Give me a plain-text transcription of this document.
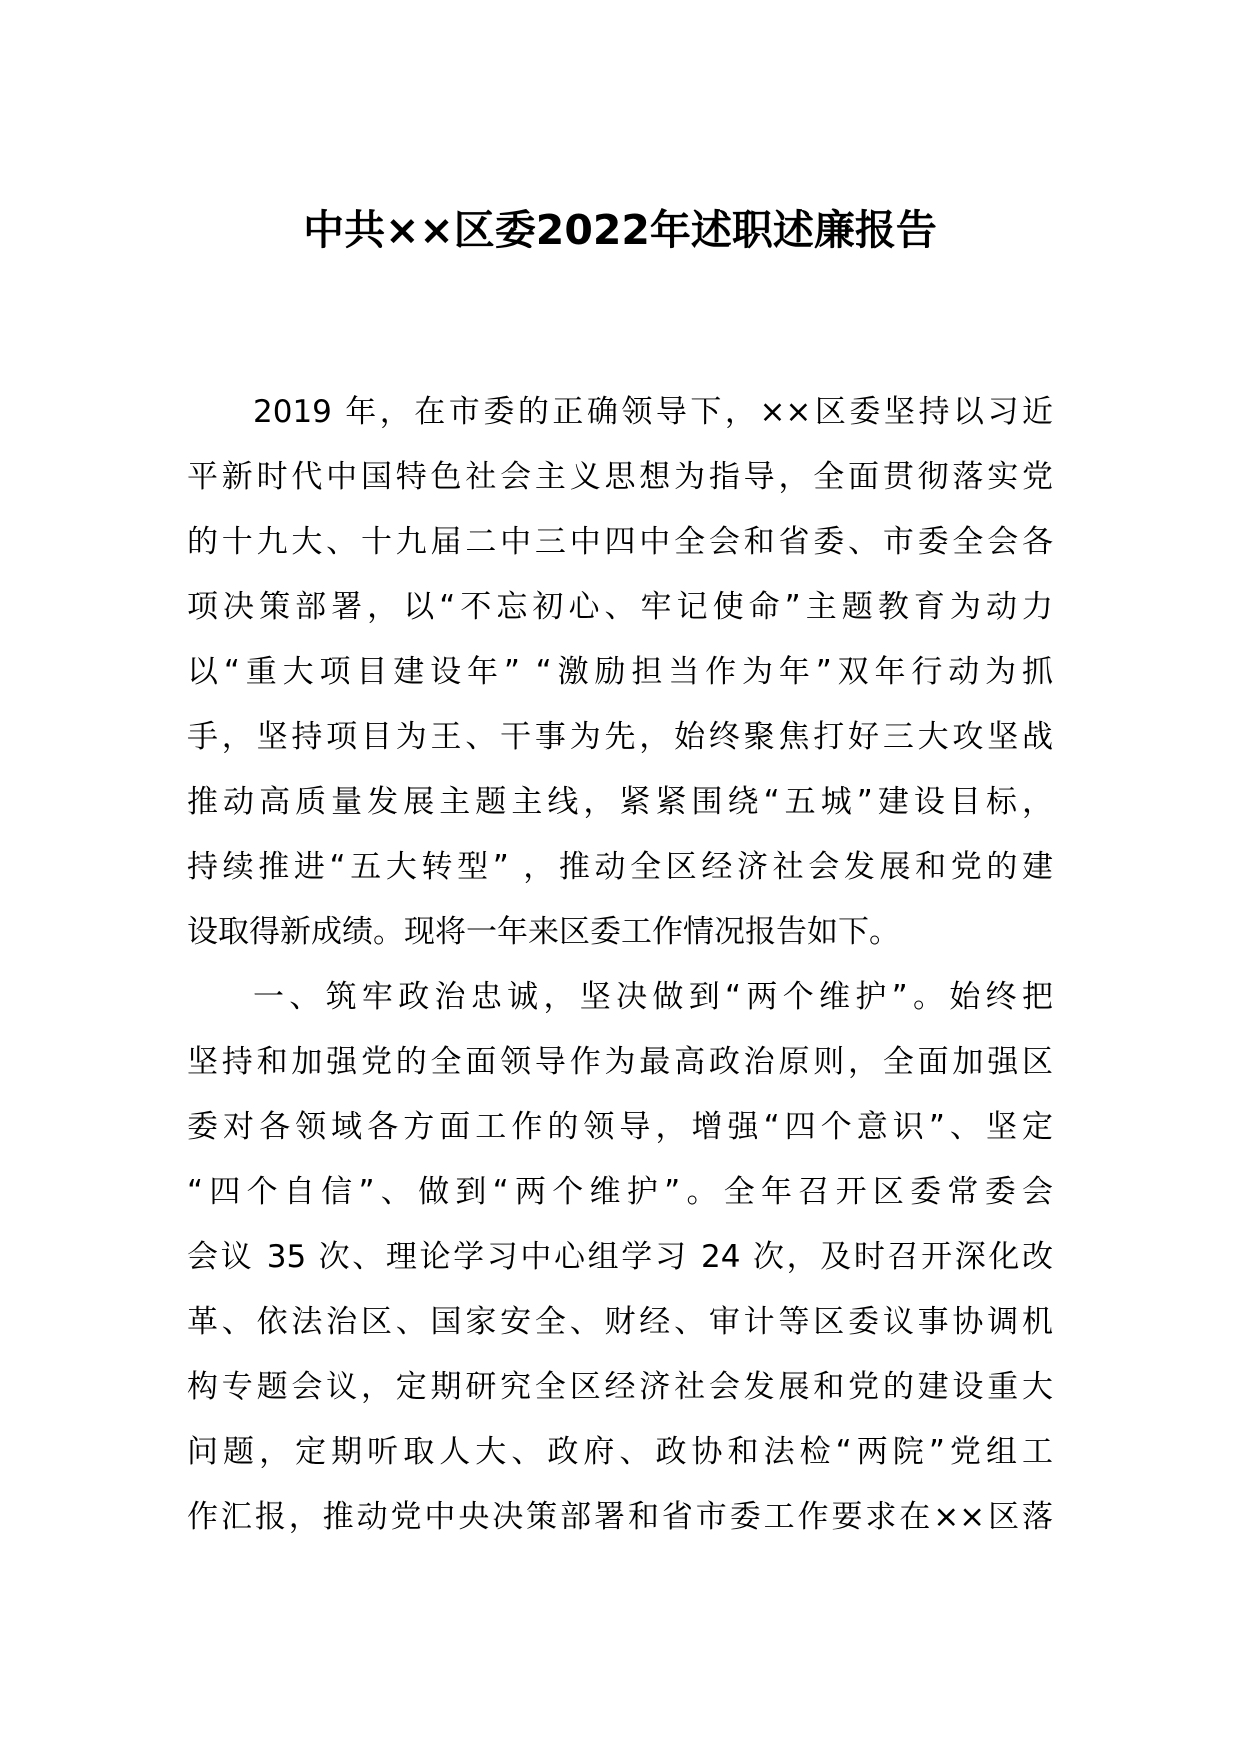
中共××区委2022年述职述廉报告
2019 年，在市委的正确领导下，××区委坚持以习近
平新时代中国特色社会主义思想为指导，全面贯彻落实党
的十九大、十九届二中三中四中全会和省委、市委全会各
项决策部署，以“不忘初心、牢记使命”主题教育为动力
以“重大项目建设年” “激励担当作为年”双年行动为抓
手，坚持项目为王、干事为先，始终聚焦打好三大攻坚战
推动高质量发展主题主线，紧紧围绕“五城”建设目标，
持续推进“五大转型” ，推动全区经济社会发展和党的建
设取得新成绩。现将一年来区委工作情况报告如下。
一、筑牢政治忠诚，坚决做到“两个维护”。始终把
坚持和加强党的全面领导作为最高政治原则，全面加强区
委对各领域各方面工作的领导，增强“四个意识”、坚定
“四个自信”、做到“两个维护”。全年召开区委常委会
会议 35 次、理论学习中心组学习 24 次，及时召开深化改
革、依法治区、国家安全、财经、审计等区委议事协调机
构专题会议，定期研究全区经济社会发展和党的建设重大
问题，定期听取人大、政府、政协和法检“两院”党组工
作汇报，推动党中央决策部署和省市委工作要求在××区落
